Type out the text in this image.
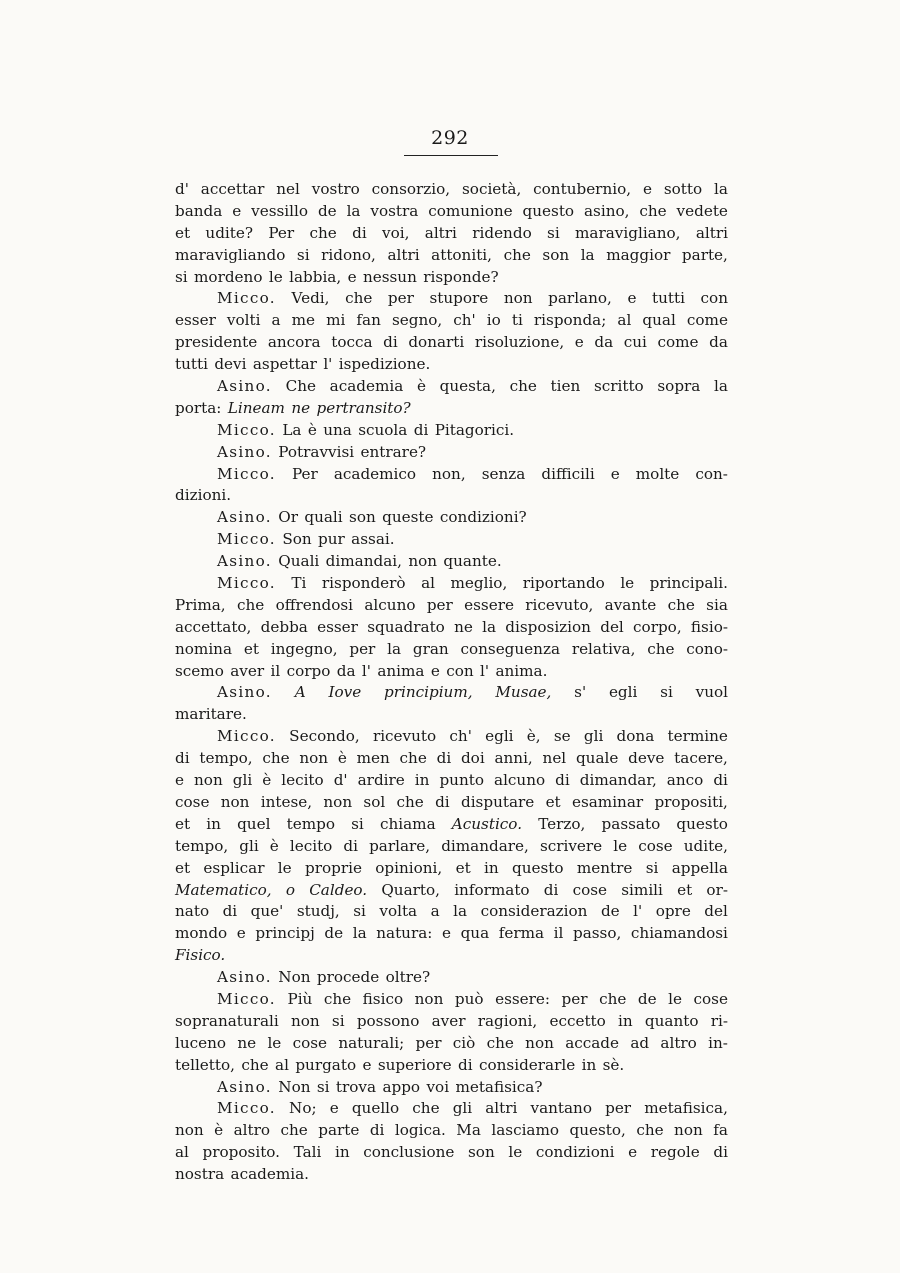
292
d' accettar nel vostro consorzio, società, contubernio, e sotto la
banda e vessillo de la vostra comunione questo asino, che vedete
et udite? Per che di voi, altri ridendo si maravigliano, altri
maravigliando si ridono, altri attoniti, che son la maggior parte,
si mordeno le labbia, e nessun risponde?
Micco. Vedi, che per stupore non parlano, e tutti con
esser volti a me mi fan segno, ch' io ti risponda; al qual come
presidente ancora tocca di donarti risoluzione, e da cui come da
tutti devi aspettar l' ispedizione.
Asino. Che academia è questa, che tien scritto sopra la
porta: Lineam ne pertransito?
Micco. La è una scuola di Pitagorici.
Asino. Potravvisi entrare?
Micco. Per academico non, senza difficili e molte con-
dizioni.
Asino. Or quali son queste condizioni?
Micco. Son pur assai.
Asino. Quali dimandai, non quante.
Micco. Ti risponderò al meglio, riportando le principali.
Prima, che offrendosi alcuno per essere ricevuto, avante che sia
accettato, debba esser squadrato ne la disposizion del corpo, fisio-
nomina et ingegno, per la gran conseguenza relativa, che cono-
scemo aver il corpo da l' anima e con l' anima.
Asino. A Iove principium, Musae, s' egli si vuol
maritare.
Micco. Secondo, ricevuto ch' egli è, se gli dona termine
di tempo, che non è men che di doi anni, nel quale deve tacere,
e non gli è lecito d' ardire in punto alcuno di dimandar, anco di
cose non intese, non sol che di disputare et esaminar propositi,
et in quel tempo si chiama Acustico. Terzo, passato questo
tempo, gli è lecito di parlare, dimandare, scrivere le cose udite,
et esplicar le proprie opinioni, et in questo mentre si appella
Matematico, o Caldeo. Quarto, informato di cose simili et or-
nato di que' studj, si volta a la considerazion de l' opre del
mondo e principj de la natura: e qua ferma il passo, chiamandosi
Fisico.
Asino. Non procede oltre?
Micco. Più che fisico non può essere: per che de le cose
sopranaturali non si possono aver ragioni, eccetto in quanto ri-
luceno ne le cose naturali; per ciò che non accade ad altro in-
telletto, che al purgato e superiore di considerarle in sè.
Asino. Non si trova appo voi metafisica?
Micco. No; e quello che gli altri vantano per metafisica,
non è altro che parte di logica. Ma lasciamo questo, che non fa
al proposito. Tali in conclusione son le condizioni e regole di
nostra academia.
